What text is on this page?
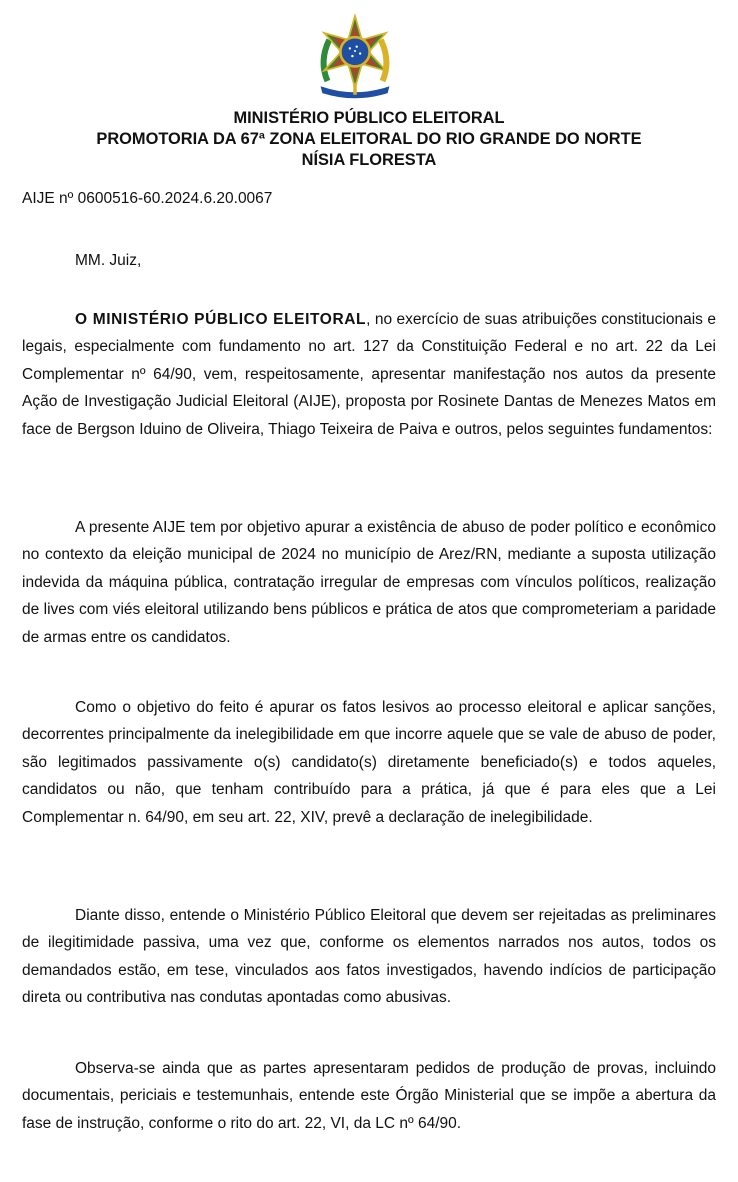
MINISTÉRIO PÚBLICO ELEITORAL
PROMOTORIA DA 67ª ZONA ELEITORAL DO RIO GRANDE DO NORTE
NÍSIA FLORESTA
AIJE nº 0600516-60.2024.6.20.0067
MM. Juiz,

O MINISTÉRIO PÚBLICO ELEITORAL, no exercício de suas atribuições constitucionais e legais, especialmente com fundamento no art. 127 da Constituição Federal e no art. 22 da Lei Complementar nº 64/90, vem, respeitosamente, apresentar manifestação nos autos da presente Ação de Investigação Judicial Eleitoral (AIJE), proposta por Rosinete Dantas de Menezes Matos em face de Bergson Iduino de Oliveira, Thiago Teixeira de Paiva e outros, pelos seguintes fundamentos:

A presente AIJE tem por objetivo apurar a existência de abuso de poder político e econômico no contexto da eleição municipal de 2024 no município de Arez/RN, mediante a suposta utilização indevida da máquina pública, contratação irregular de empresas com vínculos políticos, realização de lives com viés eleitoral utilizando bens públicos e prática de atos que comprometeriam a paridade de armas entre os candidatos.

Como o objetivo do feito é apurar os fatos lesivos ao processo eleitoral e aplicar sanções, decorrentes principalmente da inelegibilidade em que incorre aquele que se vale de abuso de poder, são legitimados passivamente o(s) candidato(s) diretamente beneficiado(s) e todos aqueles, candidatos ou não, que tenham contribuído para a prática, já que é para eles que a Lei Complementar n. 64/90, em seu art. 22, XIV, prevê a declaração de inelegibilidade.

Diante disso, entende o Ministério Público Eleitoral que devem ser rejeitadas as preliminares de ilegitimidade passiva, uma vez que, conforme os elementos narrados nos autos, todos os demandados estão, em tese, vinculados aos fatos investigados, havendo indícios de participação direta ou contributiva nas condutas apontadas como abusivas.

Observa-se ainda que as partes apresentaram pedidos de produção de provas, incluindo documentais, periciais e testemunhais, entende este Órgão Ministerial que se impõe a abertura da fase de instrução, conforme o rito do art. 22, VI, da LC nº 64/90.
